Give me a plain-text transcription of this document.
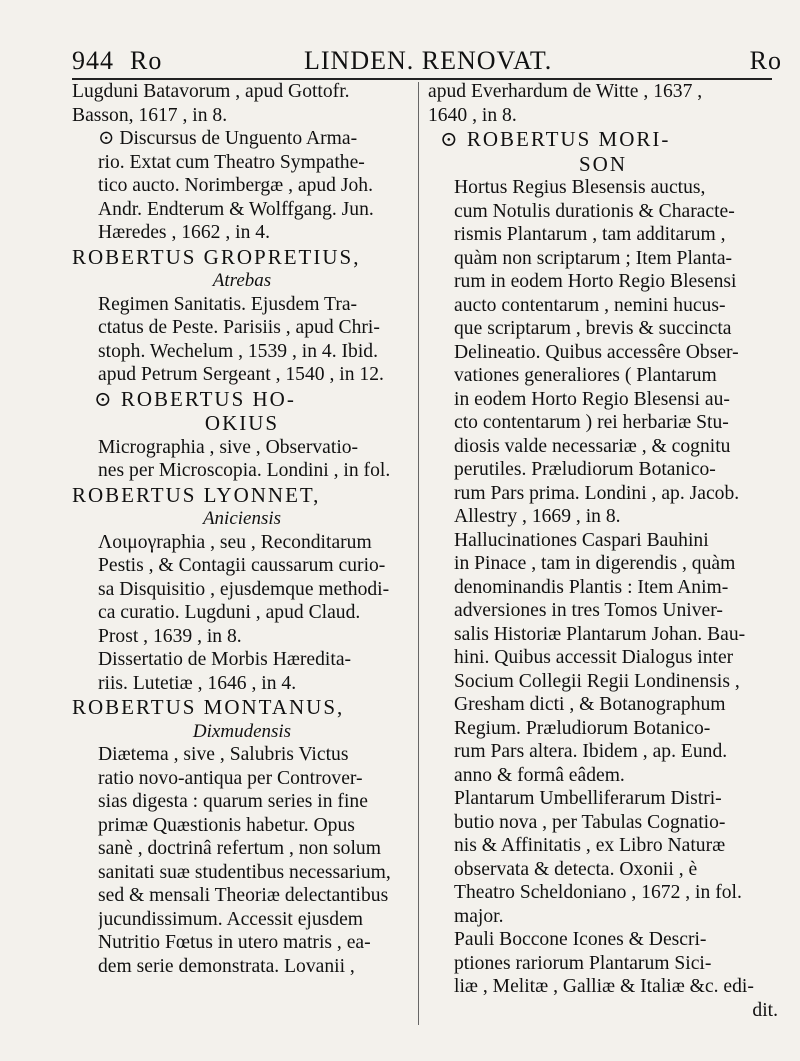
944 Ro	LINDEN. RENOVAT.	Ro

Lugduni Batavorum , apud Gottofr.
Basson, 1617 , in 8.

⊙ Discursus de Unguento Arma-
rio. Extat cum Theatro Sympathe-
tico aucto. Norimbergæ , apud Joh.
Andr. Endterum & Wolffgang. Jun.
Hæredes , 1662 , in 4.

ROBERTUS GROPRETIUS,
Atrebas

Regimen Sanitatis. Ejusdem Tra-
ctatus de Peste. Parisiis , apud Chri-
stoph. Wechelum , 1539 , in 4. Ibid.
apud Petrum Sergeant , 1540 , in 12.

⊙ ROBERTUS HO-
OKIUS

Micrographia , sive , Observatio-
nes per Microscopia. Londini , in fol.

ROBERTUS LYONNET,
Aniciensis

Λοιμογraphia , seu , Reconditarum
Pestis , & Contagii caussarum curio-
sa Disquisitio , ejusdemque methodi-
ca curatio. Lugduni , apud Claud.
Prost , 1639 , in 8.

Dissertatio de Morbis Hæredita-
riis. Lutetiæ , 1646 , in 4.

ROBERTUS MONTANUS,
Dixmudensis

Diætema , sive , Salubris Victus
ratio novo-antiqua per Controver-
sias digesta : quarum series in fine
primæ Quæstionis habetur. Opus
sanè , doctrinâ refertum , non solum
sanitati suæ studentibus necessarium,
sed & mensali Theoriæ delectantibus
jucundissimum. Accessit ejusdem
Nutritio Fœtus in utero matris , ea-
dem serie demonstrata. Lovanii ,

apud Everhardum de Witte , 1637 ,
1640 , in 8.

⊙ ROBERTUS MORI-
SON

Hortus Regius Blesensis auctus,
cum Notulis durationis & Characte-
rismis Plantarum , tam additarum ,
quàm non scriptarum ; Item Planta-
rum in eodem Horto Regio Blesensi
aucto contentarum , nemini hucus-
que scriptarum , brevis & succincta
Delineatio. Quibus accessêre Obser-
vationes generaliores ( Plantarum
in eodem Horto Regio Blesensi au-
cto contentarum ) rei herbariæ Stu-
diosis valde necessariæ , & cognitu
perutiles. Præludiorum Botanico-
rum Pars prima. Londini , ap. Jacob.
Allestry , 1669 , in 8.

Hallucinationes Caspari Bauhini
in Pinace , tam in digerendis , quàm
denominandis Plantis : Item Anim-
adversiones in tres Tomos Univer-
salis Historiæ Plantarum Johan. Bau-
hini. Quibus accessit Dialogus inter
Socium Collegii Regii Londinensis ,
Gresham dicti , & Botanographum
Regium. Præludiorum Botanico-
rum Pars altera. Ibidem , ap. Eund.
anno & formâ eâdem.

Plantarum Umbelliferarum Distri-
butio nova , per Tabulas Cognatio-
nis & Affinitatis , ex Libro Naturæ
observata & detecta. Oxonii , è
Theatro Scheldoniano , 1672 , in fol.
major.

Pauli Boccone Icones & Descri-
ptiones rariorum Plantarum Sici-
liæ , Melitæ , Galliæ & Italiæ &c. edi-
dit.
